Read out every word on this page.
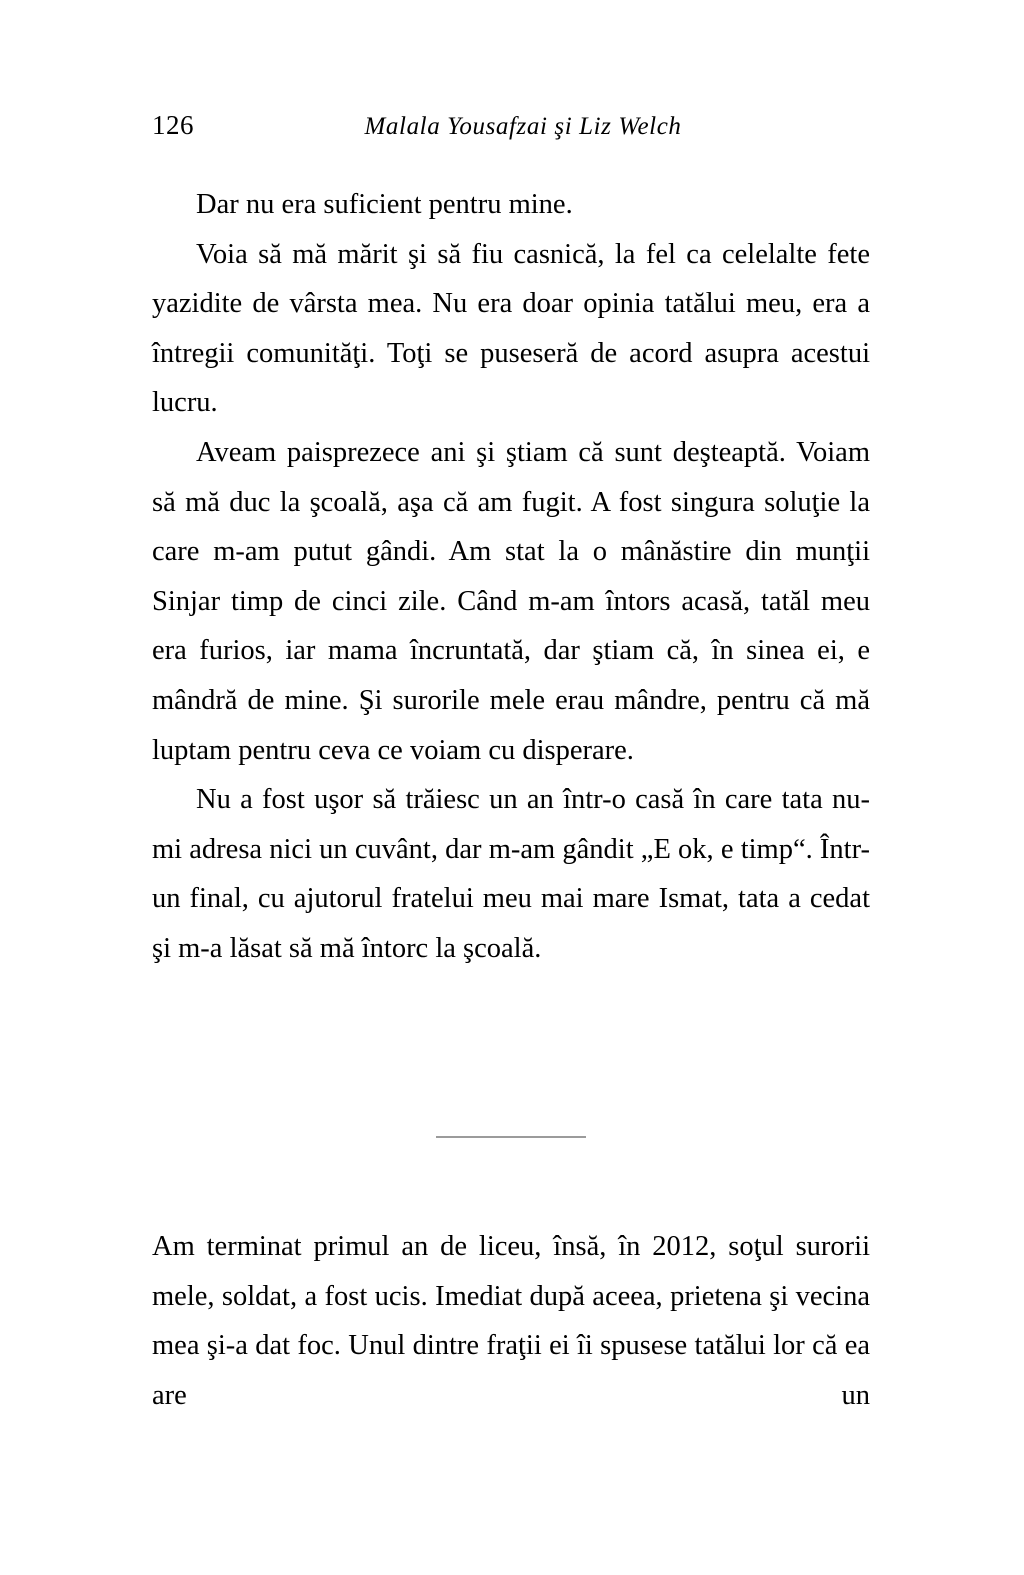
126	Malala Yousafzai şi Liz Welch

Dar nu era suficient pentru mine.

Voia să mă mărit şi să fiu casnică, la fel ca celelalte fete yazidite de vârsta mea. Nu era doar opinia tatălui meu, era a întregii comunităţi. Toţi se puseseră de acord asupra acestui lucru.

Aveam paisprezece ani şi ştiam că sunt deşteaptă. Voiam să mă duc la şcoală, aşa că am fugit. A fost singura soluţie la care m-am putut gândi. Am stat la o mânăstire din munţii Sinjar timp de cinci zile. Când m-am întors acasă, tatăl meu era furios, iar mama încruntată, dar ştiam că, în sinea ei, e mândră de mine. Şi surorile mele erau mândre, pentru că mă luptam pentru ceva ce voiam cu disperare.

Nu a fost uşor să trăiesc un an într-o casă în care tata nu-mi adresa nici un cuvânt, dar m-am gândit „E ok, e timp“. Într-un final, cu ajutorul fratelui meu mai mare Ismat, tata a cedat şi m-a lăsat să mă întorc la şcoală.

Am terminat primul an de liceu, însă, în 2012, soţul surorii mele, soldat, a fost ucis. Imediat după aceea, prietena şi vecina mea şi-a dat foc. Unul dintre fraţii ei îi spusese tatălui lor că ea are un
